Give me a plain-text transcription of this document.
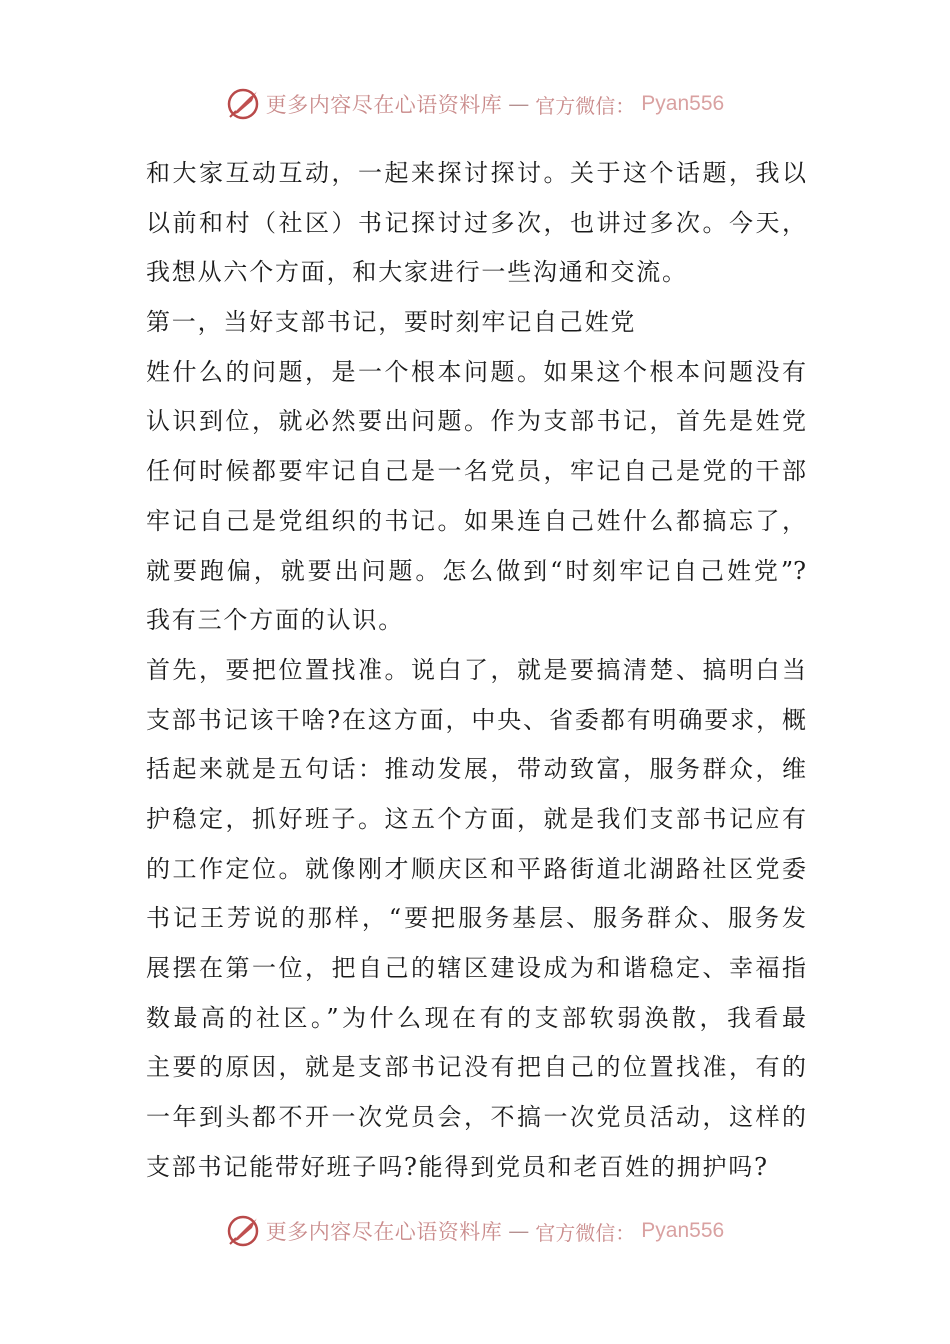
更多内容尽在心语资料库 — 官方微信： Pyan556
和大家互动互动，一起来探讨探讨。关于这个话题，我以
以前和村（社区）书记探讨过多次，也讲过多次。今天，
我想从六个方面，和大家进行一些沟通和交流。
第一，当好支部书记，要时刻牢记自己姓党
姓什么的问题，是一个根本问题。如果这个根本问题没有
认识到位，就必然要出问题。作为支部书记，首先是姓党
任何时候都要牢记自己是一名党员，牢记自己是党的干部
牢记自己是党组织的书记。如果连自己姓什么都搞忘了，
就要跑偏，就要出问题。怎么做到“时刻牢记自己姓党”?
我有三个方面的认识。
首先，要把位置找准。说白了，就是要搞清楚、搞明白当
支部书记该干啥?在这方面，中央、省委都有明确要求，概
括起来就是五句话：推动发展，带动致富，服务群众，维
护稳定，抓好班子。这五个方面，就是我们支部书记应有
的工作定位。就像刚才顺庆区和平路街道北湖路社区党委
书记王芳说的那样，“要把服务基层、服务群众、服务发
展摆在第一位，把自己的辖区建设成为和谐稳定、幸福指
数最高的社区。”为什么现在有的支部软弱涣散，我看最
主要的原因，就是支部书记没有把自己的位置找准，有的
一年到头都不开一次党员会，不搞一次党员活动，这样的
支部书记能带好班子吗?能得到党员和老百姓的拥护吗?
更多内容尽在心语资料库 — 官方微信： Pyan556
